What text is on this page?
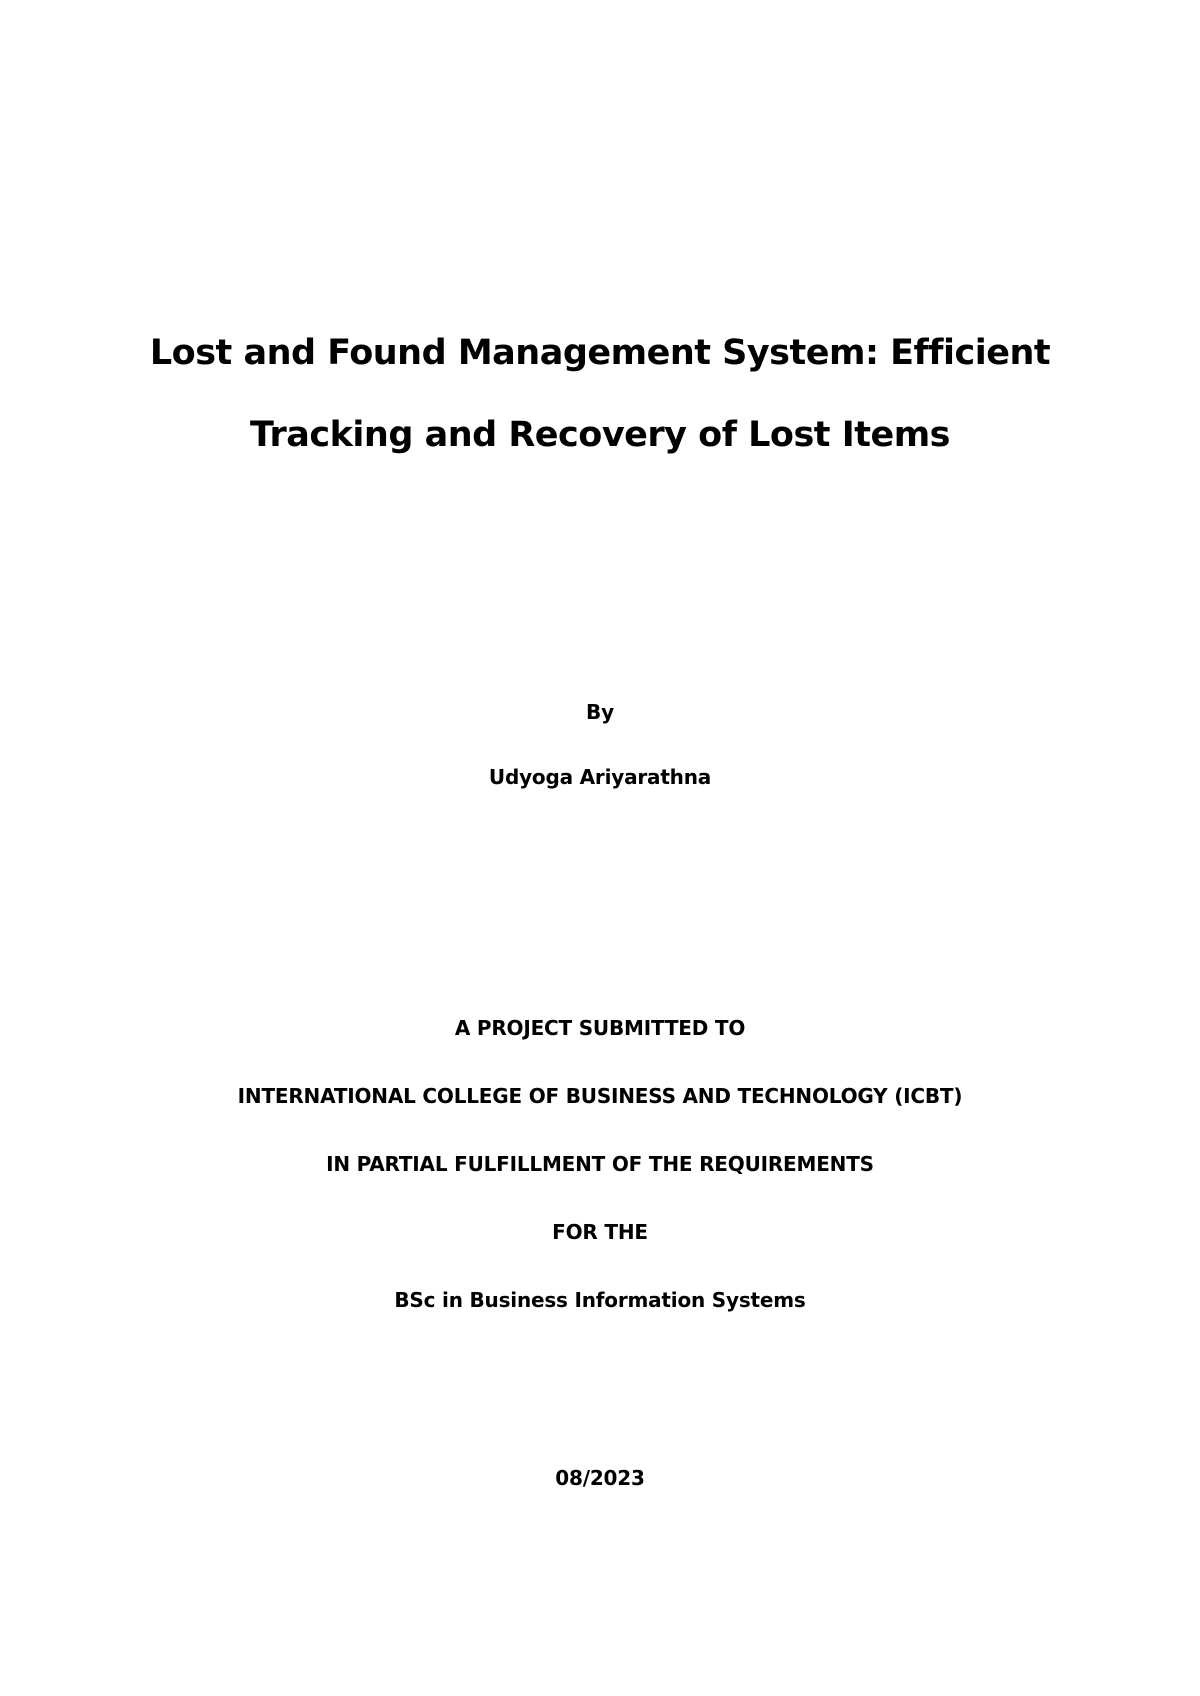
Lost and Found Management System: Efficient
Tracking and Recovery of Lost Items
By
Udyoga Ariyarathna
A PROJECT SUBMITTED TO
INTERNATIONAL COLLEGE OF BUSINESS AND TECHNOLOGY (ICBT)
IN PARTIAL FULFILLMENT OF THE REQUIREMENTS
FOR THE
BSc in Business Information Systems
08/2023
